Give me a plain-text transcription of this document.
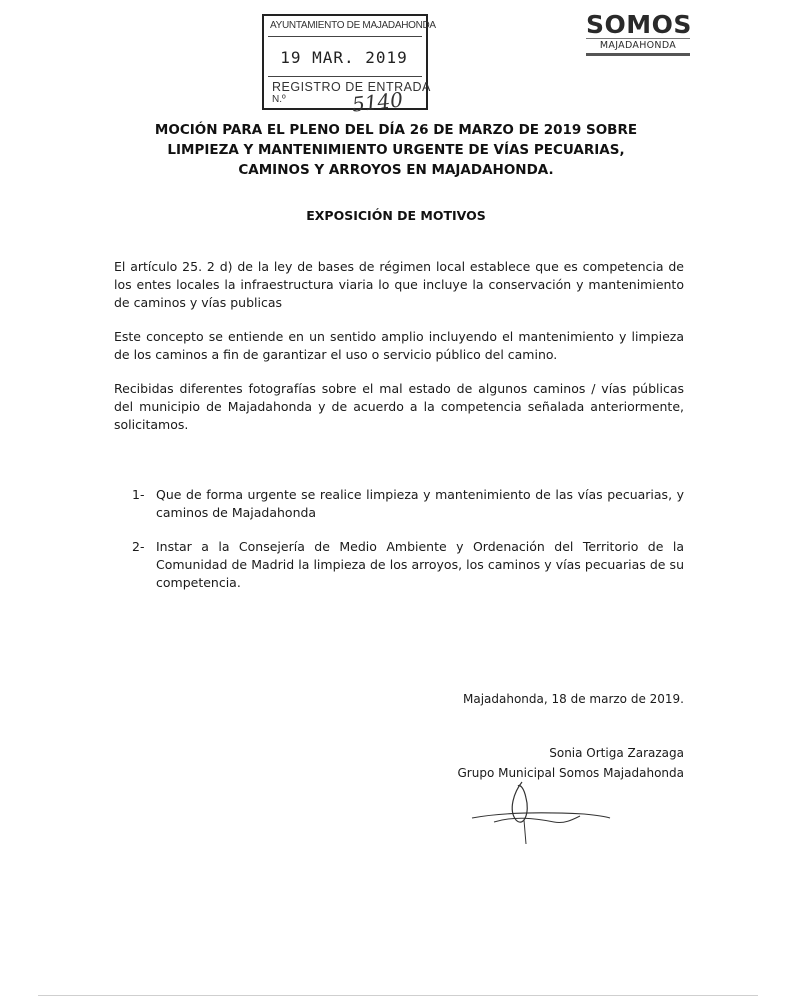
AYUNTAMIENTO DE MAJADAHONDA
19 MAR. 2019
REGISTRO DE ENTRADA
N.º	5140
SOMOS
MAJADAHONDA
MOCIÓN PARA EL PLENO DEL DÍA 26 DE MARZO DE 2019 SOBRE LIMPIEZA Y MANTENIMIENTO URGENTE DE VÍAS PECUARIAS, CAMINOS Y ARROYOS EN MAJADAHONDA.
EXPOSICIÓN DE MOTIVOS
El artículo 25. 2 d) de la ley de bases de régimen local establece que es competencia de los entes locales la infraestructura viaria lo que incluye la conservación y mantenimiento de caminos y vías publicas
Este concepto se entiende en un sentido amplio incluyendo el mantenimiento y limpieza de los caminos a fin de garantizar el uso o servicio público del camino.
Recibidas diferentes fotografías sobre el mal estado de algunos caminos / vías públicas del municipio de Majadahonda y de acuerdo a la competencia señalada anteriormente, solicitamos.
1- Que de forma urgente se realice limpieza y mantenimiento de las vías pecuarias, y caminos de Majadahonda
2- Instar a la Consejería de Medio Ambiente y Ordenación del Territorio de la Comunidad de Madrid la limpieza de los arroyos, los caminos y vías pecuarias de su competencia.
Majadahonda, 18 de marzo de 2019.
Sonia Ortiga Zarazaga
Grupo Municipal Somos Majadahonda
